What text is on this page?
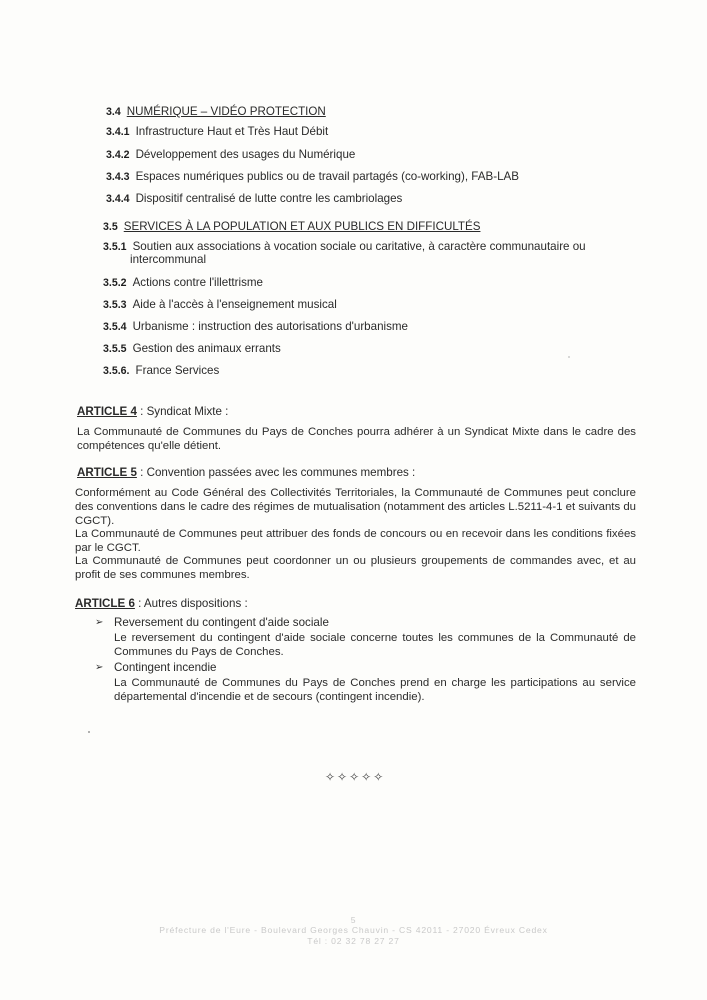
3.4 NUMÉRIQUE – VIDÉO PROTECTION
3.4.1 Infrastructure Haut et Très Haut Débit
3.4.2 Développement des usages du Numérique
3.4.3 Espaces numériques publics ou de travail partagés (co-working), FAB-LAB
3.4.4 Dispositif centralisé de lutte contre les cambriolages
3.5 SERVICES À LA POPULATION ET AUX PUBLICS EN DIFFICULTÉS
3.5.1 Soutien aux associations à vocation sociale ou caritative, à caractère communautaire ou
intercommunal
3.5.2 Actions contre l'illettrisme
3.5.3 Aide à l'accès à l'enseignement musical
3.5.4 Urbanisme : instruction des autorisations d'urbanisme
3.5.5 Gestion des animaux errants
3.5.6. France Services
ARTICLE 4 : Syndicat Mixte :
La Communauté de Communes du Pays de Conches pourra adhérer à un Syndicat Mixte dans le cadre des compétences qu'elle détient.
ARTICLE 5 : Convention passées avec les communes membres :
Conformément au Code Général des Collectivités Territoriales, la Communauté de Communes peut conclure des conventions dans le cadre des régimes de mutualisation (notamment des articles L.5211-4-1 et suivants du CGCT).
La Communauté de Communes peut attribuer des fonds de concours ou en recevoir dans les conditions fixées par le CGCT.
La Communauté de Communes peut coordonner un ou plusieurs groupements de commandes avec, et au profit de ses communes membres.
ARTICLE 6 : Autres dispositions :
➢ Reversement du contingent d'aide sociale
Le reversement du contingent d'aide sociale concerne toutes les communes de la Communauté de Communes du Pays de Conches.
➢ Contingent incendie
La Communauté de Communes du Pays de Conches prend en charge les participations au service départemental d'incendie et de secours (contingent incendie).
✧✧✧✧✧
5
Préfecture de l'Eure - Boulevard Georges Chauvin - CS 42011 - 27020 Évreux Cedex
Tél : 02 32 78 27 27
